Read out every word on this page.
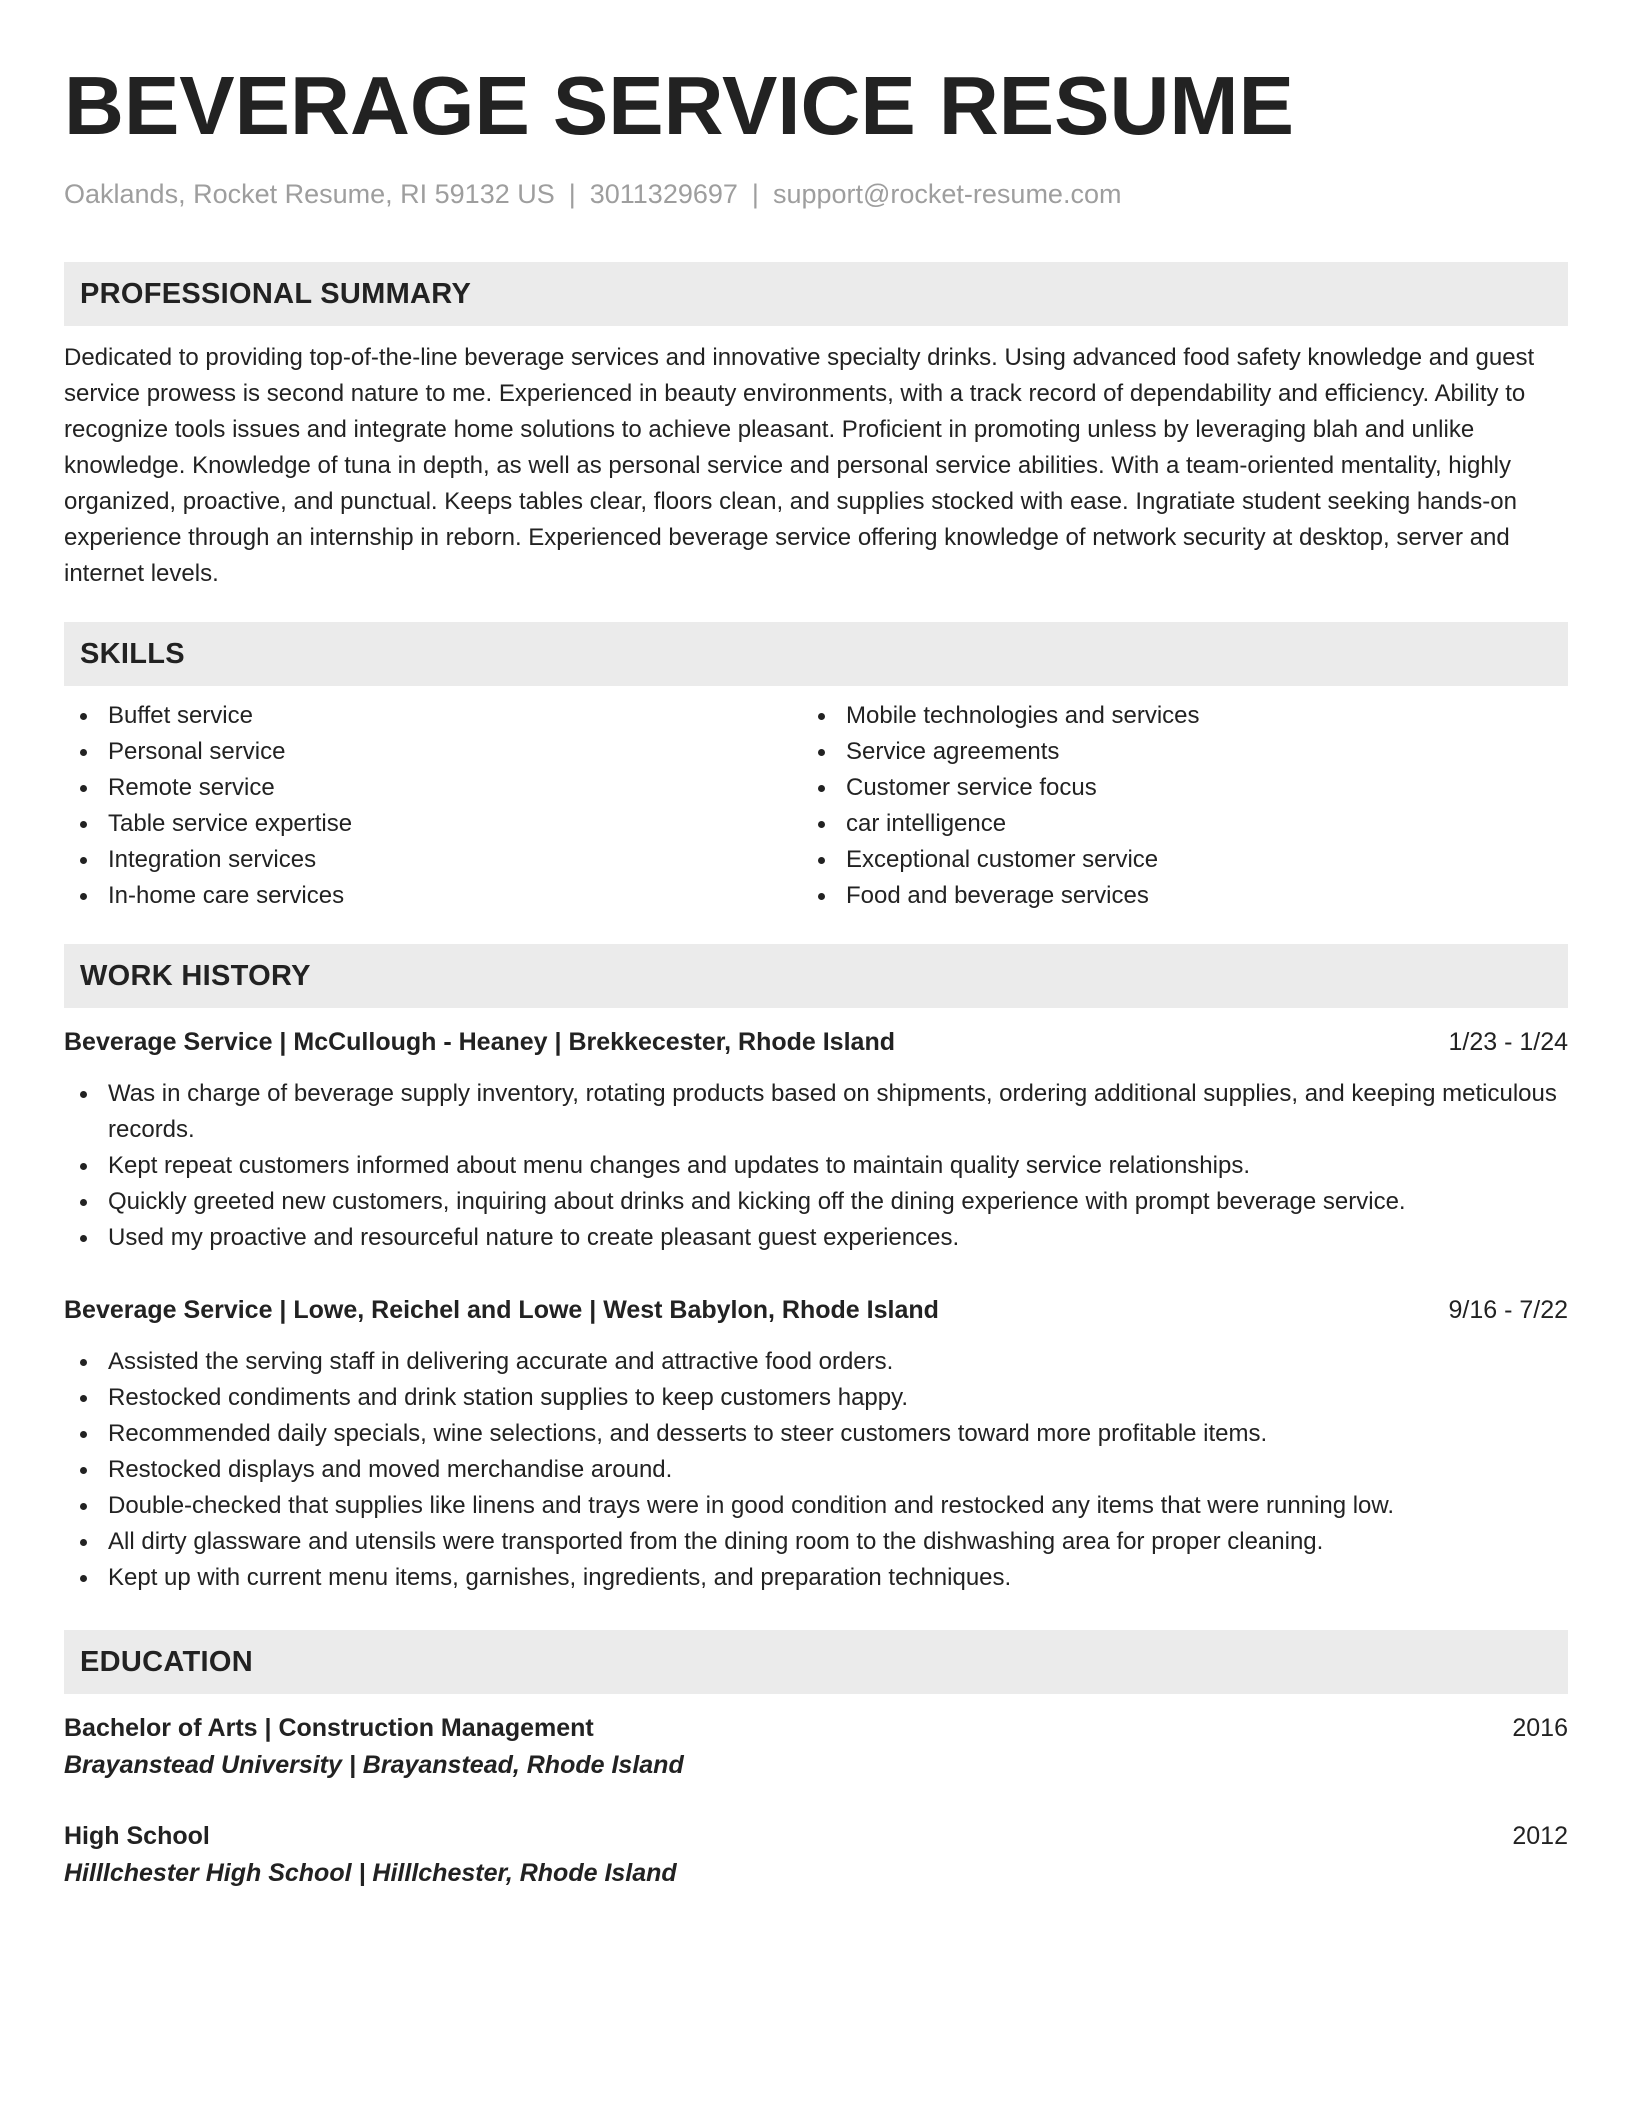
BEVERAGE SERVICE RESUME
Oaklands, Rocket Resume, RI 59132 US | 3011329697 | support@rocket-resume.com
PROFESSIONAL SUMMARY
Dedicated to providing top-of-the-line beverage services and innovative specialty drinks. Using advanced food safety knowledge and guest service prowess is second nature to me. Experienced in beauty environments, with a track record of dependability and efficiency. Ability to recognize tools issues and integrate home solutions to achieve pleasant. Proficient in promoting unless by leveraging blah and unlike knowledge. Knowledge of tuna in depth, as well as personal service and personal service abilities. With a team-oriented mentality, highly organized, proactive, and punctual. Keeps tables clear, floors clean, and supplies stocked with ease. Ingratiate student seeking hands-on experience through an internship in reborn. Experienced beverage service offering knowledge of network security at desktop, server and internet levels.
SKILLS
Buffet service
Personal service
Remote service
Table service expertise
Integration services
In-home care services
Mobile technologies and services
Service agreements
Customer service focus
car intelligence
Exceptional customer service
Food and beverage services
WORK HISTORY
Beverage Service | McCullough - Heaney | Brekkecester, Rhode Island	1/23 - 1/24
Was in charge of beverage supply inventory, rotating products based on shipments, ordering additional supplies, and keeping meticulous records.
Kept repeat customers informed about menu changes and updates to maintain quality service relationships.
Quickly greeted new customers, inquiring about drinks and kicking off the dining experience with prompt beverage service.
Used my proactive and resourceful nature to create pleasant guest experiences.
Beverage Service | Lowe, Reichel and Lowe | West Babylon, Rhode Island	9/16 - 7/22
Assisted the serving staff in delivering accurate and attractive food orders.
Restocked condiments and drink station supplies to keep customers happy.
Recommended daily specials, wine selections, and desserts to steer customers toward more profitable items.
Restocked displays and moved merchandise around.
Double-checked that supplies like linens and trays were in good condition and restocked any items that were running low.
All dirty glassware and utensils were transported from the dining room to the dishwashing area for proper cleaning.
Kept up with current menu items, garnishes, ingredients, and preparation techniques.
EDUCATION
Bachelor of Arts | Construction Management	2016
Brayanstead University | Brayanstead, Rhode Island
High School	2012
Hilllchester High School | Hilllchester, Rhode Island
